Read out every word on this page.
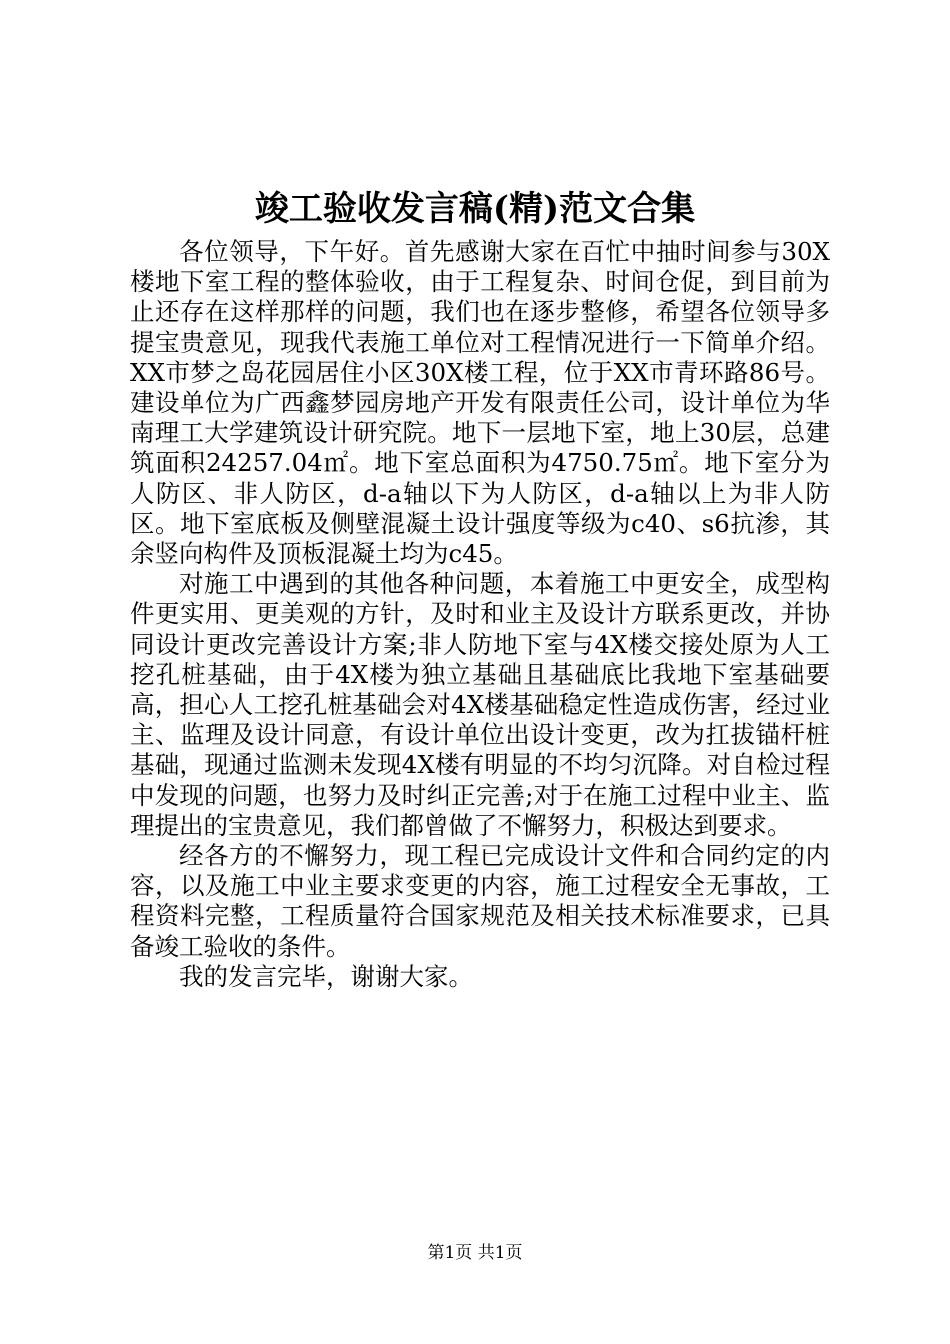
竣工验收发言稿(精)范文合集

各位领导，下午好。首先感谢大家在百忙中抽时间参与30X楼地下室工程的整体验收，由于工程复杂、时间仓促，到目前为止还存在这样那样的问题，我们也在逐步整修，希望各位领导多提宝贵意见，现我代表施工单位对工程情况进行一下简单介绍。XX市梦之岛花园居住小区30X楼工程，位于XX市青环路86号。建设单位为广西鑫梦园房地产开发有限责任公司，设计单位为华南理工大学建筑设计研究院。地下一层地下室，地上30层，总建筑面积24257.04㎡。地下室总面积为4750.75㎡。地下室分为人防区、非人防区，d-a轴以下为人防区，d-a轴以上为非人防区。地下室底板及侧壁混凝土设计强度等级为c40、s6抗渗，其余竖向构件及顶板混凝土均为c45。

对施工中遇到的其他各种问题，本着施工中更安全，成型构件更实用、更美观的方针，及时和业主及设计方联系更改，并协同设计更改完善设计方案;非人防地下室与4X楼交接处原为人工挖孔桩基础，由于4X楼为独立基础且基础底比我地下室基础要高，担心人工挖孔桩基础会对4X楼基础稳定性造成伤害，经过业主、监理及设计同意，有设计单位出设计变更，改为扛拔锚杆桩基础，现通过监测未发现4X楼有明显的不均匀沉降。对自检过程中发现的问题，也努力及时纠正完善;对于在施工过程中业主、监理提出的宝贵意见，我们都曾做了不懈努力，积极达到要求。

经各方的不懈努力，现工程已完成设计文件和合同约定的内容，以及施工中业主要求变更的内容，施工过程安全无事故，工程资料完整，工程质量符合国家规范及相关技术标准要求，已具备竣工验收的条件。

我的发言完毕，谢谢大家。

第1页 共1页
